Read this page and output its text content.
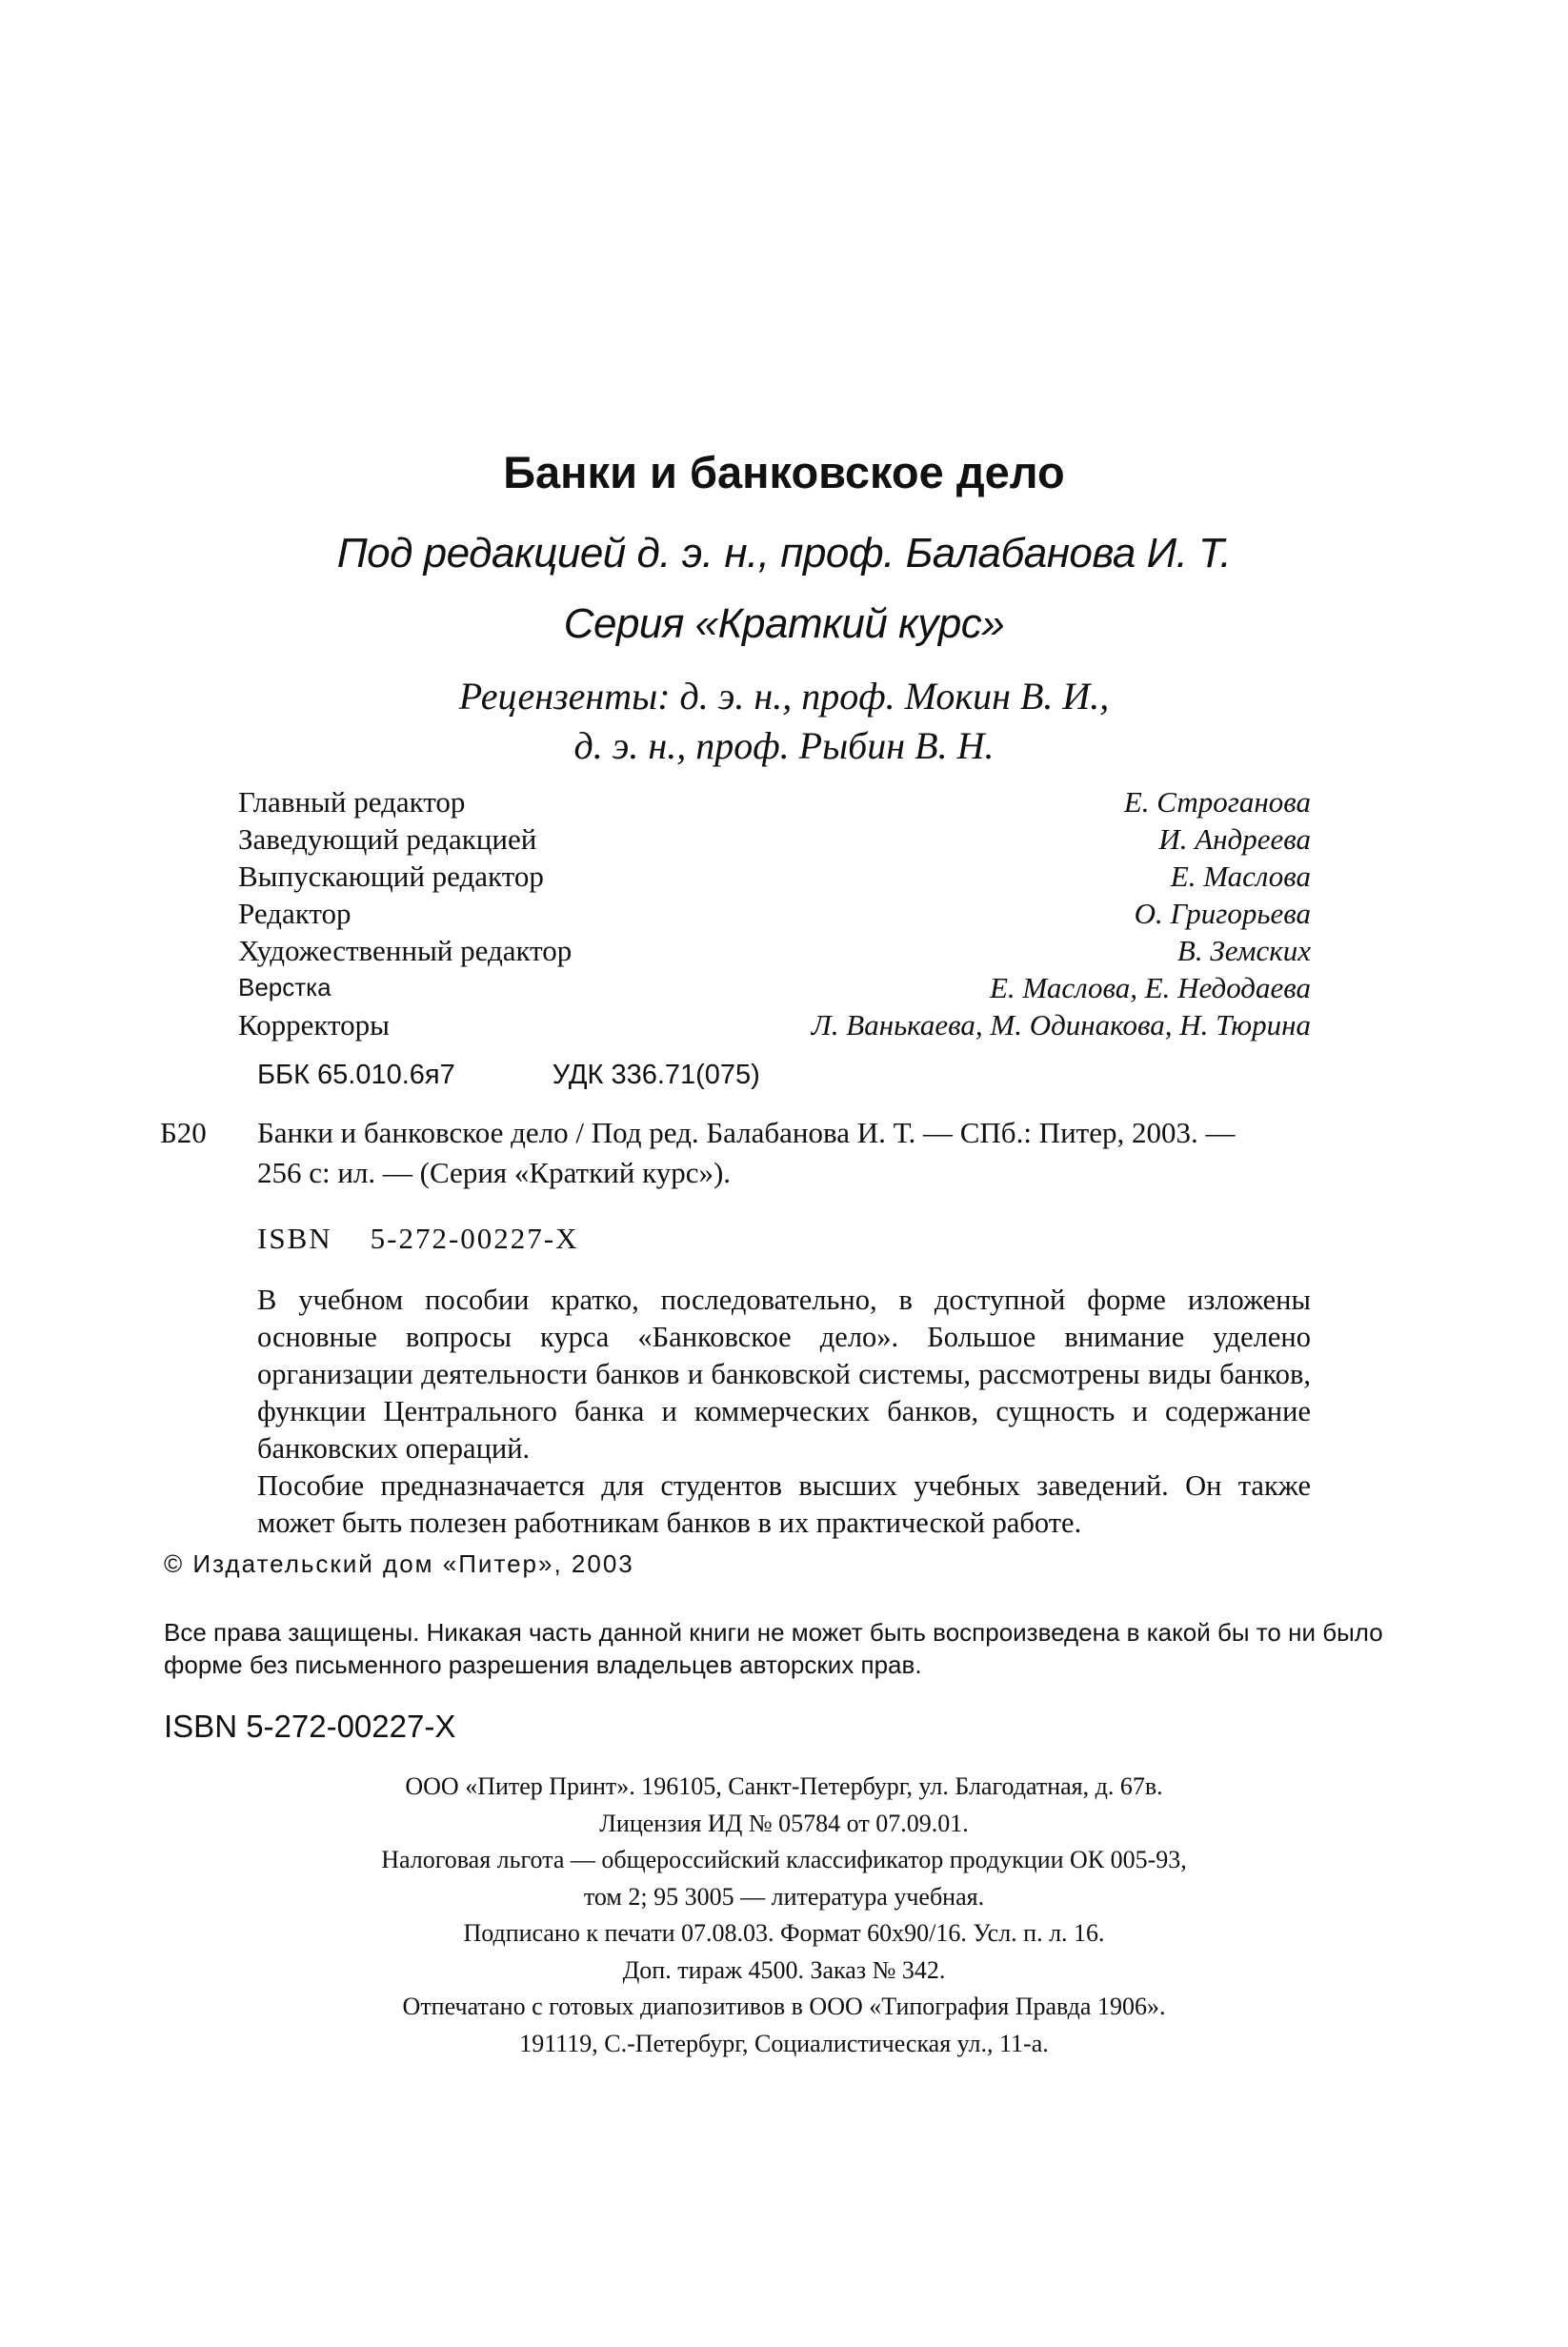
Банки и банковское дело
Под редакцией д. э. н., проф. Балабанова И. Т.
Серия «Краткий курс»
Рецензенты: д. э. н., проф. Мокин В. И.,
д. э. н., проф. Рыбин В. Н.
Главный редактор	Е. Строганова
Заведующий редакцией	И. Андреева
Выпускающий редактор	Е. Маслова
Редактор	О. Григорьева
Художественный редактор	В. Земских
Верстка	Е. Маслова, Е. Недодаева
Корректоры	Л. Ванькаева, М. Одинакова, Н. Тюрина
ББК 65.010.6я7	УДК 336.71(075)
Б20 Банки и банковское дело / Под ред. Балабанова И. Т. — СПб.: Питер, 2003. —
256 с: ил. — (Серия «Краткий курс»).
ISBN 5-272-00227-Х

В учебном пособии кратко, последовательно, в доступной форме изложены основные вопросы курса «Банковское дело». Большое внимание уделено организации деятельности банков и банковской системы, рассмотрены виды банков, функции Центрального банка и коммерческих банков, сущность и содержание банковских операций.

Пособие предназначается для студентов высших учебных заведений. Он также может быть полезен работникам банков в их практической работе.

© Издательский дом «Питер», 2003
Все права защищены. Никакая часть данной книги не может быть воспроизведена в какой бы то ни было форме без письменного разрешения владельцев авторских прав.
ISBN 5-272-00227-Х
ООО «Питер Принт». 196105, Санкт-Петербург, ул. Благодатная, д. 67в.
Лицензия ИД № 05784 от 07.09.01.
Налоговая льгота — общероссийский классификатор продукции ОК 005-93,
том 2; 95 3005 — литература учебная.
Подписано к печати 07.08.03. Формат 60х90/16. Усл. п. л. 16.
Доп. тираж 4500. Заказ № 342.
Отпечатано с готовых диапозитивов в ООО «Типография Правда 1906».
191119, С.-Петербург, Социалистическая ул., 11-а.
